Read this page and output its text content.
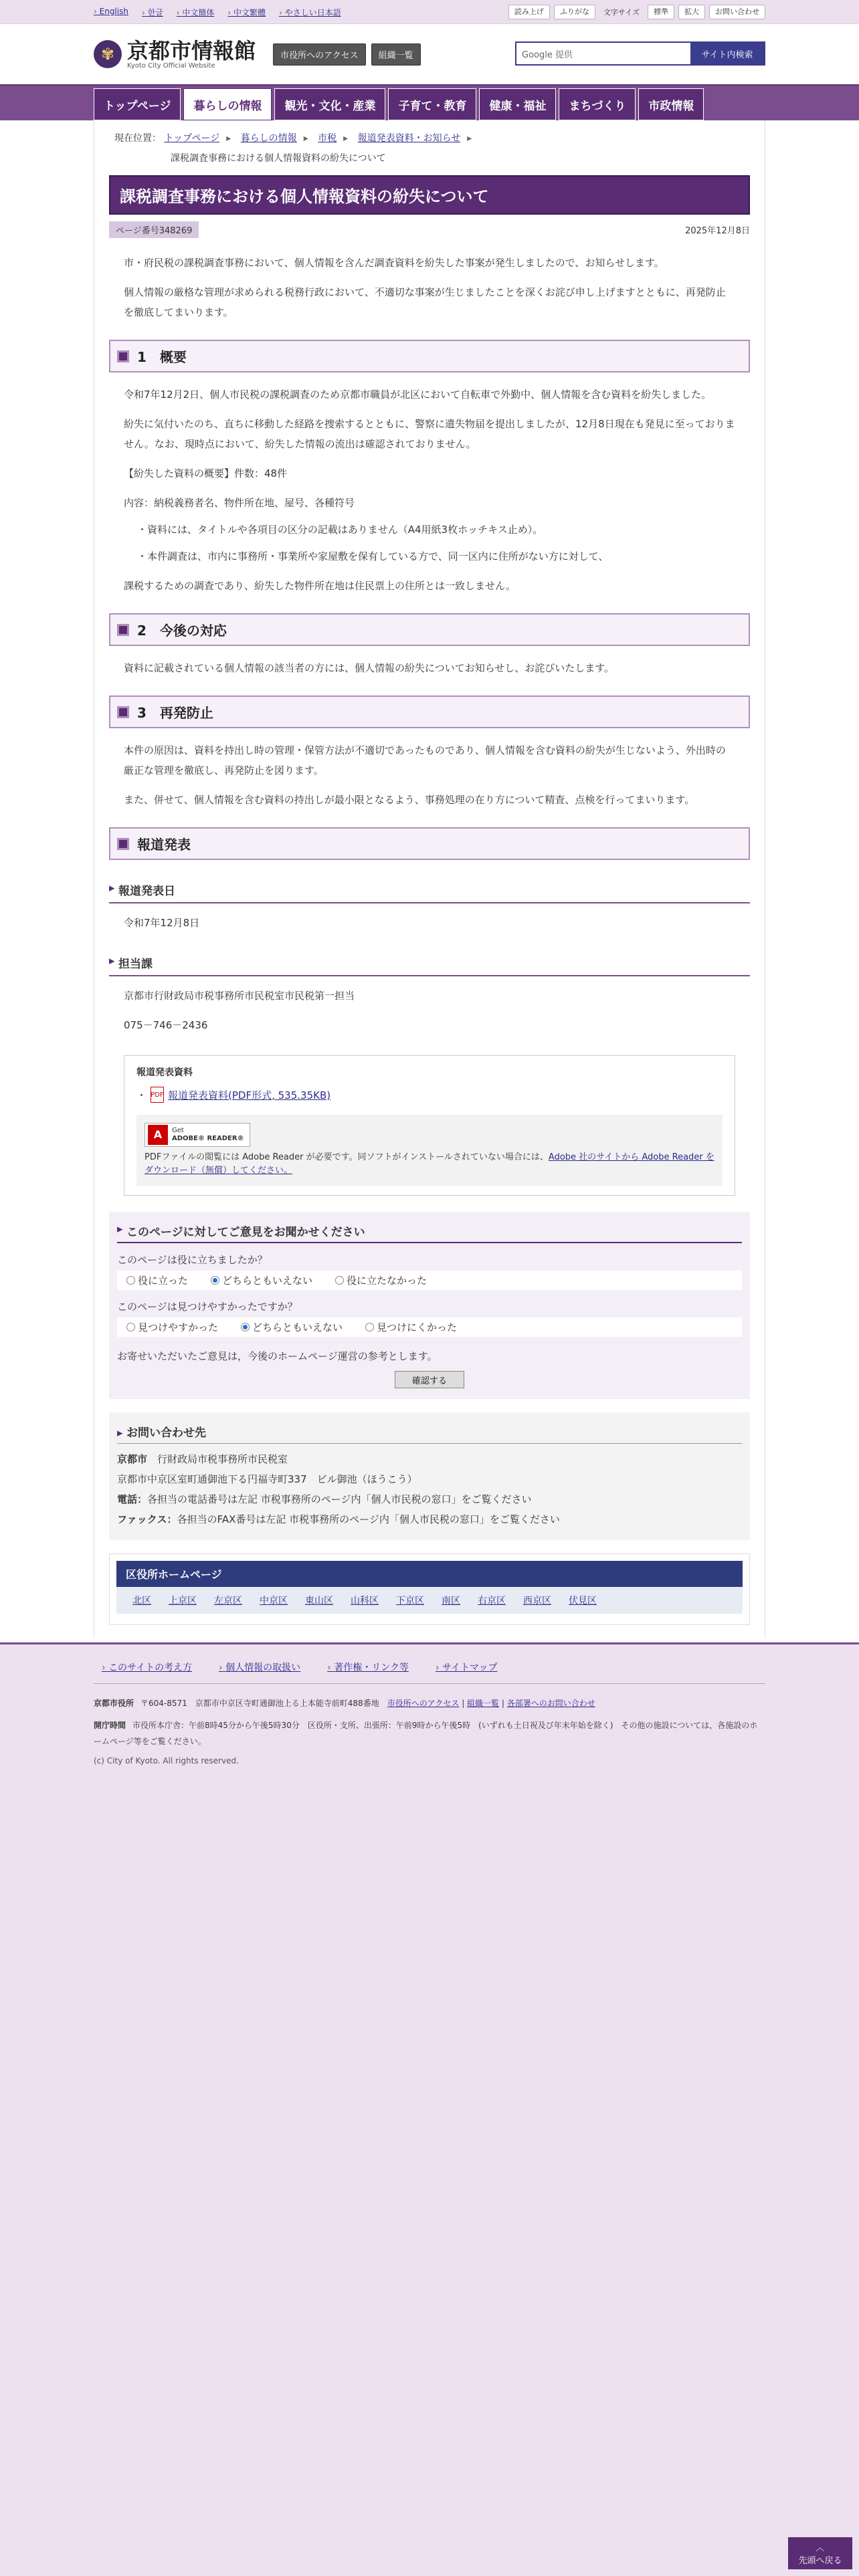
› English	› 한글	› 中文簡体	› 中文繁體	› やさしい日本語	読み上げ	ふりがな	文字サイズ	標準	拡大	お問い合わせ
✾ 京都市情報館
Kyoto City Official Website
市役所へのアクセス	組織一覧	Google 提供	サイト内検索
トップページ	暮らしの情報	観光・文化・産業	子育て・教育	健康・福祉	まちづくり	市政情報
現在位置： トップページ ▸ 暮らしの情報 ▸ 市税 ▸ 報道発表資料・お知らせ ▸
課税調査事務における個人情報資料の紛失について
課税調査事務における個人情報資料の紛失について
ページ番号348269	2025年12月8日

市・府民税の課税調査事務において、個人情報を含んだ調査資料を紛失した事案が発生しましたので、お知らせします。

個人情報の厳格な管理が求められる税務行政において、不適切な事案が生じましたことを深くお詫び申し上げますとともに、再発防止を徹底してまいります。

1　概要

令和7年12月2日、個人市民税の課税調査のため京都市職員が北区において自転車で外勤中、個人情報を含む資料を紛失しました。

紛失に気付いたのち、直ちに移動した経路を捜索するとともに、警察に遺失物届を提出しましたが、12月8日現在も発見に至っておりません。なお、現時点において、紛失した情報の流出は確認されておりません。

【紛失した資料の概要】件数：48件

内容：納税義務者名、物件所在地、屋号、各種符号

・ 資料には、タイトルや各項目の区分の記載はありません（A4用紙3枚ホッチキス止め）。
・ 本件調査は、市内に事務所・事業所や家屋敷を保有している方で、同一区内に住所がない方に対して、

課税するための調査であり、紛失した物件所在地は住民票上の住所とは一致しません。

2　今後の対応

資料に記載されている個人情報の該当者の方には、個人情報の紛失についてお知らせし、お詫びいたします。

3　再発防止

本件の原因は、資料を持出し時の管理・保管方法が不適切であったものであり、個人情報を含む資料の紛失が生じないよう、外出時の厳正な管理を徹底し、再発防止を図ります。

また、併せて、個人情報を含む資料の持出しが最小限となるよう、事務処理の在り方について精査、点検を行ってまいります。

報道発表
▸ 報道発表日

令和7年12月8日

▸ 担当課

京都市行財政局市税事務所市民税室市民税第一担当

075－746－2436

報道発表資料
・ PDF 報道発表資料(PDF形式, 535.35KB)
A	Get
ADOBE® READER®
PDFファイルの閲覧には Adobe Reader が必要です。同ソフトがインストールされていない場合には、Adobe 社のサイトから Adobe Reader をダウンロード（無償）してください。
▸ このページに対してご意見をお聞かせください
このページは役に立ちましたか？
役に立った	どちらともいえない	役に立たなかった
このページは見つけやすかったですか？
見つけやすかった	どちらともいえない	見つけにくかった
お寄せいただいたご意見は，今後のホームページ運営の参考とします。
確認する
▸ お問い合わせ先
京都市　 行財政局市税事務所市民税室
京都市中京区室町通御池下る円福寺町337　ビル御池（ほうこう）
電話：各担当の電話番号は左記 市税事務所のページ内「個人市民税の窓口」をご覧ください
ファックス：各担当のFAX番号は左記 市税事務所のページ内「個人市民税の窓口」をご覧ください
区役所ホームページ
北区 上京区 左京区 中京区 東山区 山科区 下京区 南区 右京区 西京区 伏見区
› このサイトの考え方	› 個人情報の取扱い	› 著作権・リンク等	› サイトマップ
京都市役所 〒604-8571　京都市中京区寺町通御池上る上本能寺前町488番地　 市役所へのアクセス | 組織一覧 | 各部署へのお問い合わせ
開庁時間 市役所本庁舎：午前8時45分から午後5時30分　区役所・支所、出張所：午前9時から午後5時　(いずれも土日祝及び年末年始を除く)　その他の施設については，各施設のホームページ等をご覧ください。
(c) City of Kyoto. All rights reserved.
︿
先頭へ戻る
